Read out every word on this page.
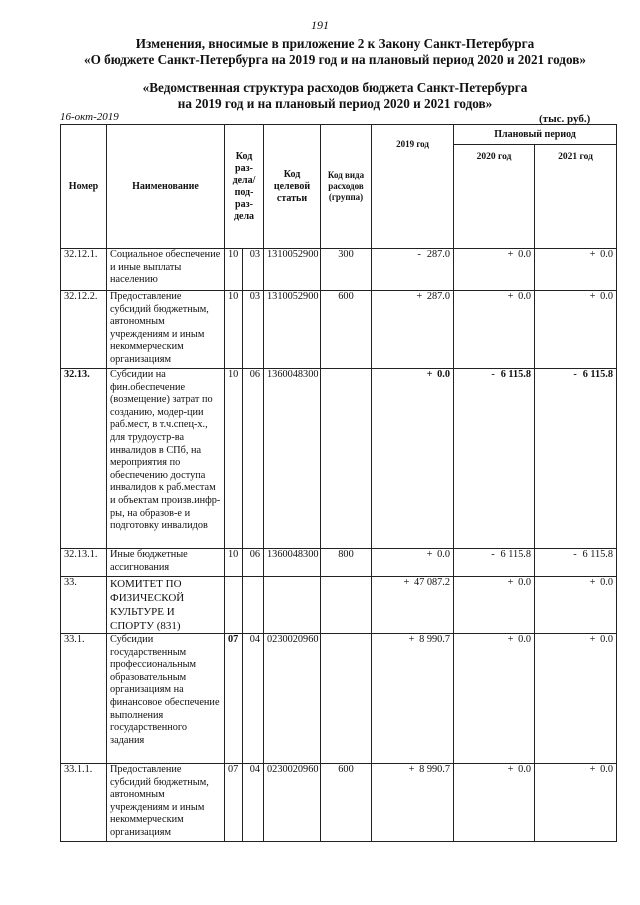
191
Изменения, вносимые в приложение 2 к Закону Санкт-Петербурга
«О бюджете Санкт-Петербурга на 2019 год и на плановый период 2020 и 2021 годов»
«Ведомственная структура расходов бюджета Санкт-Петербурга
на 2019 год и на плановый период 2020 и 2021 годов»
16-окт-2019	(тыс. руб.)
Номер	Наименование	Код раз-дела/ под-раз-дела		Код целевой статьи	Код вида расходов (группа)	2019 год	Плановый период	
							2020 год	2021 год
32.12.1.	Социальное обеспечение и иные выплаты населению	10	03	1310052900	300	- 287.0	+ 0.0	+ 0.0
32.12.2.	Предоставление субсидий бюджетным, автономным учреждениям и иным некоммерческим организациям	10	03	1310052900	600	+ 287.0	+ 0.0	+ 0.0
32.13.	Субсидии на фин.обеспечение (возмещение) затрат по созданию, модер-ции раб.мест, в т.ч.спец-х., для трудоустр-ва инвалидов в СПб, на мероприятия по обеспечению доступа инвалидов к раб.местам и объектам произв.инфр-ры, на образов-е и подготовку инвалидов	10	06	1360048300		+ 0.0	- 6 115.8	- 6 115.8
32.13.1.	Иные бюджетные ассигнования	10	06	1360048300	800	+ 0.0	- 6 115.8	- 6 115.8
33.	КОМИТЕТ ПО ФИЗИЧЕСКОЙ КУЛЬТУРЕ И СПОРТУ (831)					+ 47 087.2	+ 0.0	+ 0.0
33.1.	Субсидии государственным профессиональным образовательным организациям на финансовое обеспечение выполнения государственного задания	07	04	0230020960		+ 8 990.7	+ 0.0	+ 0.0
33.1.1.	Предоставление субсидий бюджетным, автономным учреждениям и иным некоммерческим организациям	07	04	0230020960	600	+ 8 990.7	+ 0.0	+ 0.0
